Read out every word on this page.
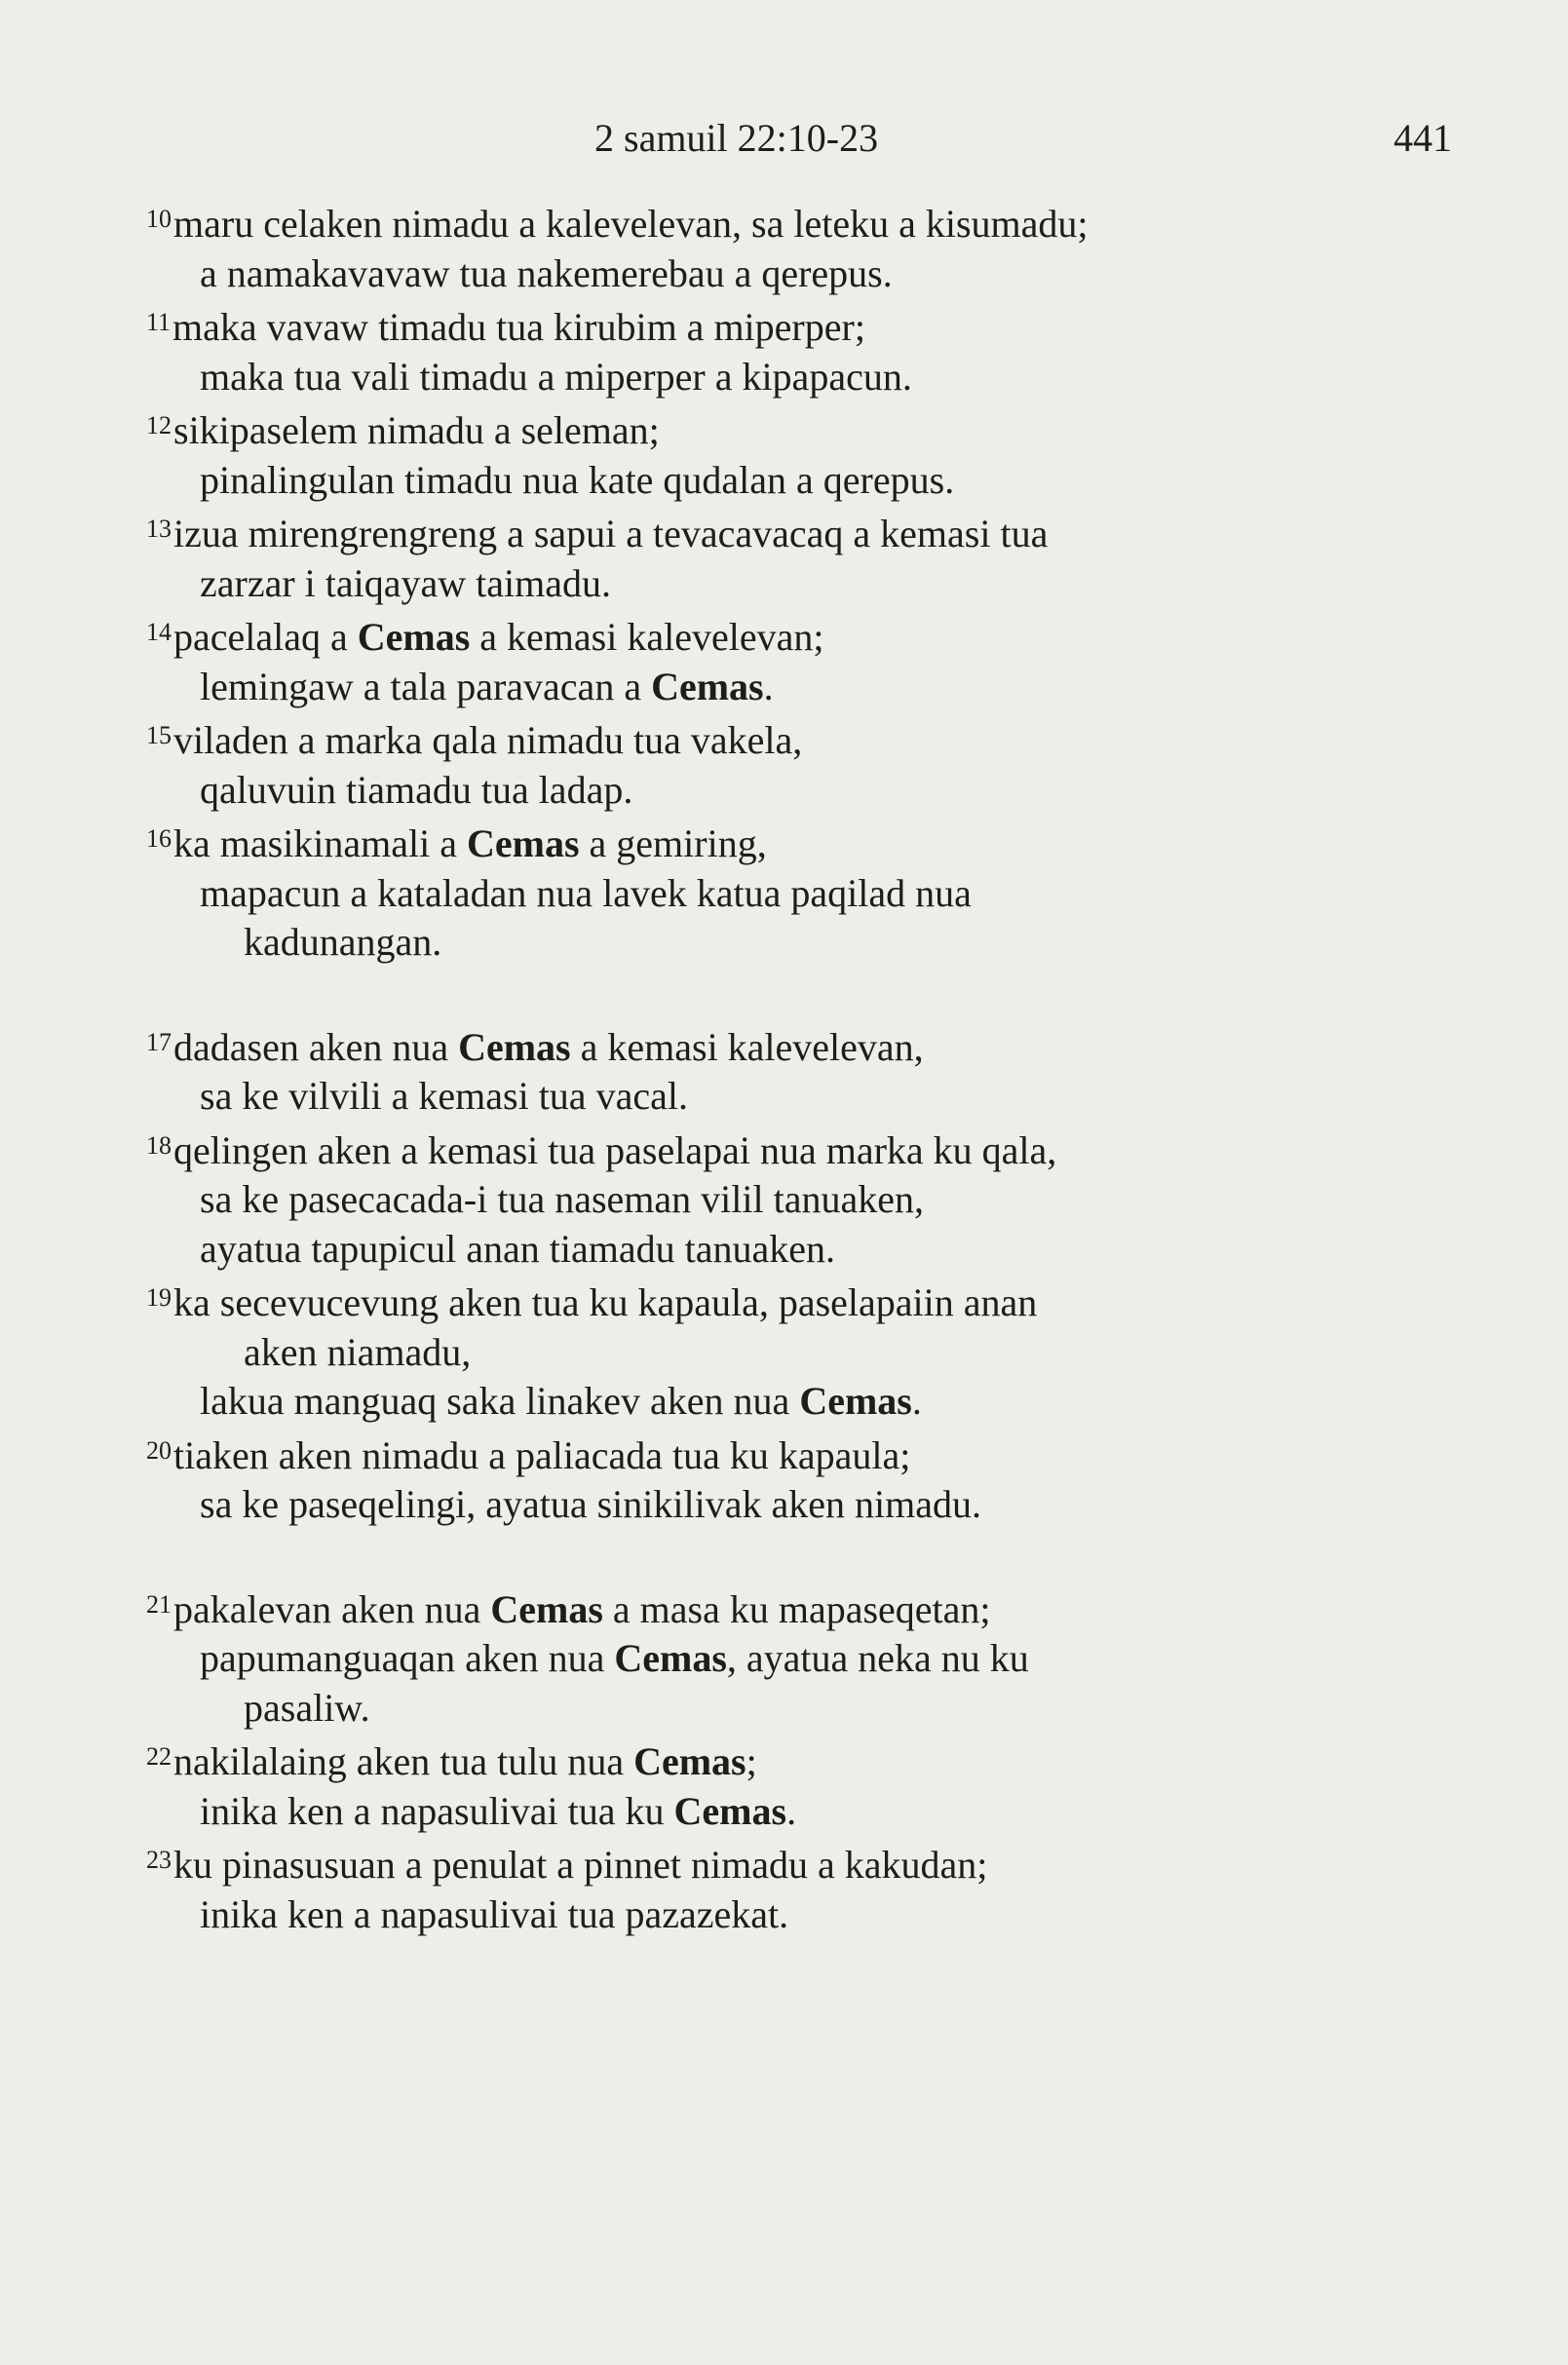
2 samuil 22:10-23	441
$^{10}$maru celaken nimadu a kalevelevan, sa leteku a kisumadu;
a namakavavaw tua nakemerebau a qerepus.
$^{11}$maka vavaw timadu tua kirubim a miperper;
maka tua vali timadu a miperper a kipapacun.
$^{12}$sikipaselem nimadu a seleman;
pinalingulan timadu nua kate qudalan a qerepus.
$^{13}$izua mirengrengreng a sapui a tevacavacaq a kemasi tua
zarzar i taiqayaw taimadu.
$^{14}$pacelalaq a Cemas a kemasi kalevelevan;
lemingaw a tala paravacan a Cemas.
$^{15}$viladen a marka qala nimadu tua vakela,
qaluvuin tiamadu tua ladap.
$^{16}$ka masikinamali a Cemas a gemiring,
mapacun a kataladan nua lavek katua paqilad nua
kadunangan.
$^{17}$dadasen aken nua Cemas a kemasi kalevelevan,
sa ke vilvili a kemasi tua vacal.
$^{18}$qelingen aken a kemasi tua paselapai nua marka ku qala,
sa ke pasecacada-i tua naseman vilil tanuaken,
ayatua tapupicul anan tiamadu tanuaken.
$^{19}$ka secevucevung aken tua ku kapaula, paselapaiin anan
aken niamadu,
lakua manguaq saka linakev aken nua Cemas.
$^{20}$tiaken aken nimadu a paliacada tua ku kapaula;
sa ke paseqelingi, ayatua sinikilivak aken nimadu.
$^{21}$pakalevan aken nua Cemas a masa ku mapaseqetan;
papumanguaqan aken nua Cemas, ayatua neka nu ku
pasaliw.
$^{22}$nakilalaing aken tua tulu nua Cemas;
inika ken a napasulivai tua ku Cemas.
$^{23}$ku pinasusuan a penulat a pinnet nimadu a kakudan;
inika ken a napasulivai tua pazazekat.
